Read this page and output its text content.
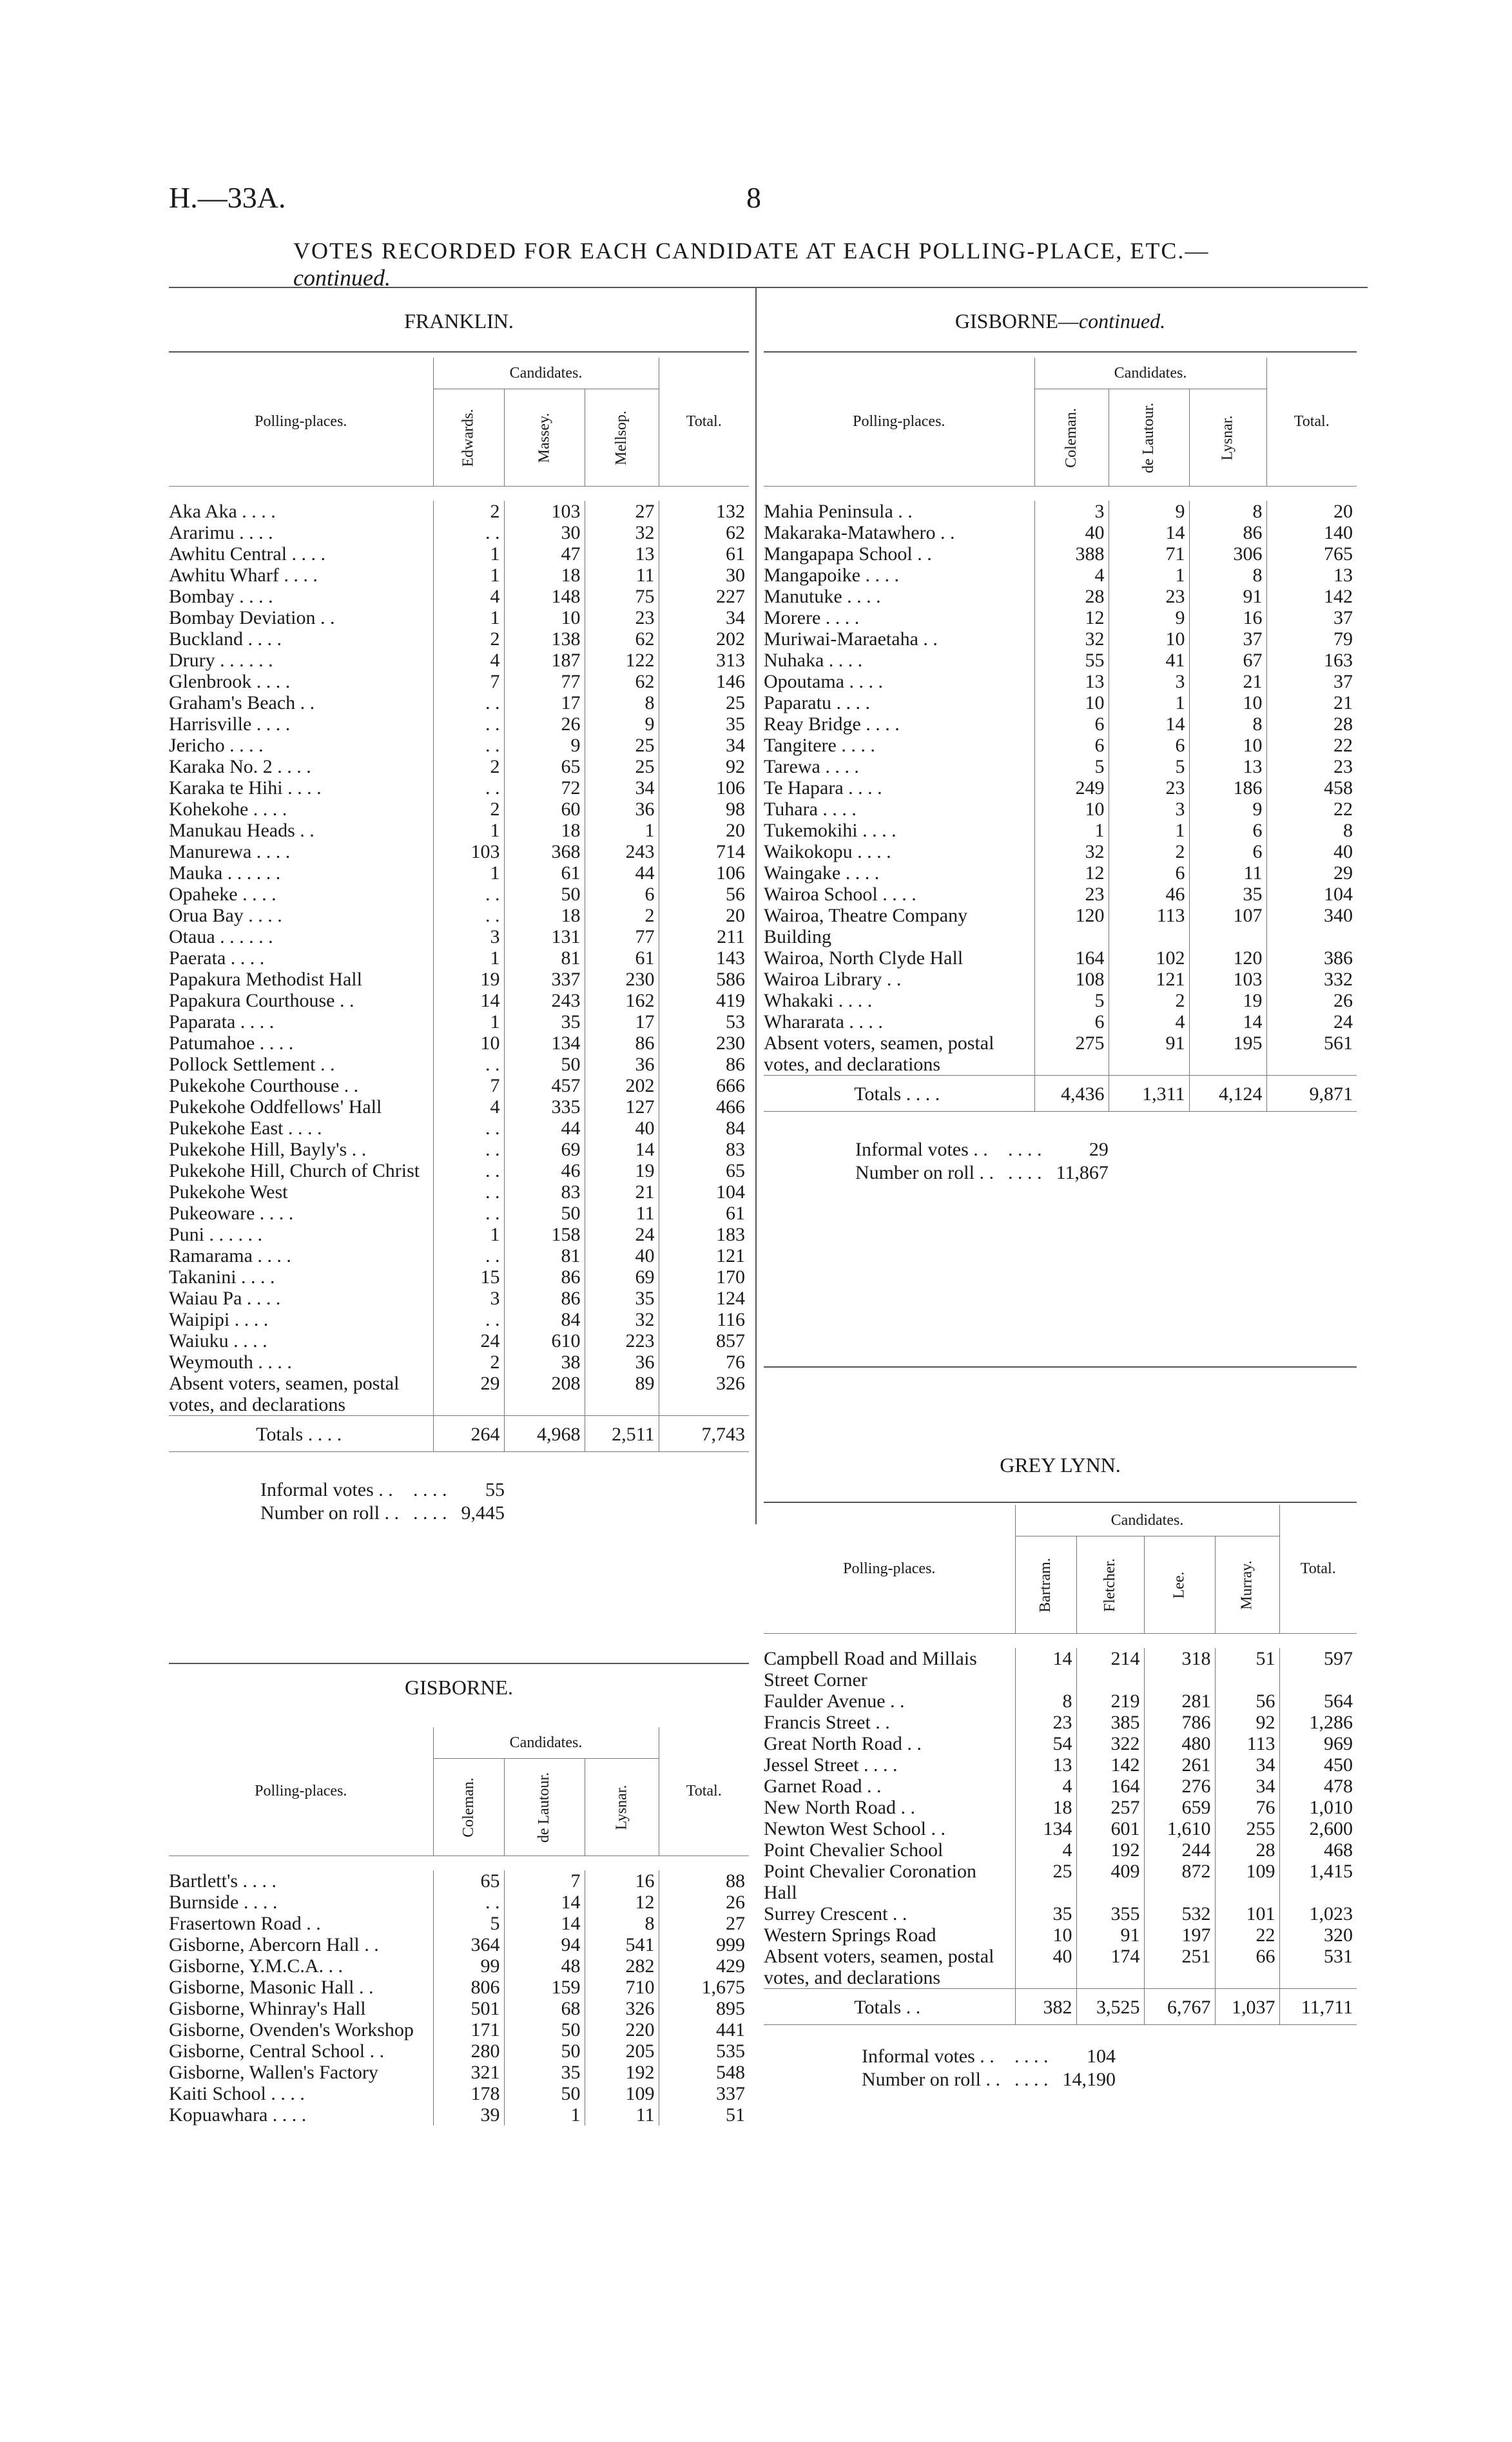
H.—33A.	8
VOTES RECORDED FOR EACH CANDIDATE AT EACH POLLING-PLACE, ETC.—continued.
FRANKLIN.
Polling-places.	Candidates.			Total.
	Edwards.	Massey.	Mellsop.	

Aka Aka . . . .	2	103	27	132
Ararimu . . . .	. .	30	32	62
Awhitu Central . . . .	1	47	13	61
Awhitu Wharf . . . .	1	18	11	30
Bombay . . . .	4	148	75	227
Bombay Deviation . .	1	10	23	34
Buckland . . . .	2	138	62	202
Drury . . . . . .	4	187	122	313
Glenbrook . . . .	7	77	62	146
Graham's Beach . .	. .	17	8	25
Harrisville . . . .	. .	26	9	35
Jericho . . . .	. .	9	25	34
Karaka No. 2 . . . .	2	65	25	92
Karaka te Hihi . . . .	. .	72	34	106
Kohekohe . . . .	2	60	36	98
Manukau Heads . .	1	18	1	20
Manurewa . . . .	103	368	243	714
Mauka . . . . . .	1	61	44	106
Opaheke . . . .	. .	50	6	56
Orua Bay . . . .	. .	18	2	20
Otaua . . . . . .	3	131	77	211
Paerata . . . .	1	81	61	143
Papakura Methodist Hall	19	337	230	586
Papakura Courthouse . .	14	243	162	419
Paparata . . . .	1	35	17	53
Patumahoe . . . .	10	134	86	230
Pollock Settlement . .	. .	50	36	86
Pukekohe Courthouse . .	7	457	202	666
Pukekohe Oddfellows' Hall	4	335	127	466
Pukekohe East . . . .	. .	44	40	84
Pukekohe Hill, Bayly's . .	. .	69	14	83
Pukekohe Hill, Church of Christ	. .	46	19	65
Pukekohe West	. .	83	21	104
Pukeoware . . . .	. .	50	11	61
Puni . . . . . .	1	158	24	183
Ramarama . . . .	. .	81	40	121
Takanini . . . .	15	86	69	170
Waiau Pa . . . .	3	86	35	124
Waipipi . . . .	. .	84	32	116
Waiuku . . . .	24	610	223	857
Weymouth . . . .	2	38	36	76
Absent voters, seamen, postal votes, and declarations	29	208	89	326
Totals . . . .	264	4,968	2,511	7,743
Informal votes . .	. . . .	55
Number on roll . .	. . . .	9,445
GISBORNE.
Polling-places.	Candidates.			Total.
	Coleman.	de Lautour.	Lysnar.	

Bartlett's . . . .	65	7	16	88
Burnside . . . .	. .	14	12	26
Frasertown Road . .	5	14	8	27
Gisborne, Abercorn Hall . .	364	94	541	999
Gisborne, Y.M.C.A. . .	99	48	282	429
Gisborne, Masonic Hall . .	806	159	710	1,675
Gisborne, Whinray's Hall	501	68	326	895
Gisborne, Ovenden's Workshop	171	50	220	441
Gisborne, Central School . .	280	50	205	535
Gisborne, Wallen's Factory	321	35	192	548
Kaiti School . . . .	178	50	109	337
Kopuawhara . . . .	39	1	11	51
GISBORNE—continued.
Polling-places.	Candidates.			Total.
	Coleman.	de Lautour.	Lysnar.	

Mahia Peninsula . .	3	9	8	20
Makaraka-Matawhero . .	40	14	86	140
Mangapapa School . .	388	71	306	765
Mangapoike . . . .	4	1	8	13
Manutuke . . . .	28	23	91	142
Morere . . . .	12	9	16	37
Muriwai-Maraetaha . .	32	10	37	79
Nuhaka . . . .	55	41	67	163
Opoutama . . . .	13	3	21	37
Paparatu . . . .	10	1	10	21
Reay Bridge . . . .	6	14	8	28
Tangitere . . . .	6	6	10	22
Tarewa . . . .	5	5	13	23
Te Hapara . . . .	249	23	186	458
Tuhara . . . .	10	3	9	22
Tukemokihi . . . .	1	1	6	8
Waikokopu . . . .	32	2	6	40
Waingake . . . .	12	6	11	29
Wairoa School . . . .	23	46	35	104
Wairoa, Theatre Company Building	120	113	107	340
Wairoa, North Clyde Hall	164	102	120	386
Wairoa Library . .	108	121	103	332
Whakaki . . . .	5	2	19	26
Whararata . . . .	6	4	14	24
Absent voters, seamen, postal votes, and declarations	275	91	195	561
Totals . . . .	4,436	1,311	4,124	9,871
Informal votes . .	. . . .	29
Number on roll . .	. . . .	11,867
GREY LYNN.
Polling-places.	Candidates.				Total.
	Bartram.	Fletcher.	Lee.	Murray.	

Campbell Road and Millais Street Corner	14	214	318	51	597
Faulder Avenue . .	8	219	281	56	564
Francis Street . .	23	385	786	92	1,286
Great North Road . .	54	322	480	113	969
Jessel Street . . . .	13	142	261	34	450
Garnet Road . .	4	164	276	34	478
New North Road . .	18	257	659	76	1,010
Newton West School . .	134	601	1,610	255	2,600
Point Chevalier School	4	192	244	28	468
Point Chevalier Coronation Hall	25	409	872	109	1,415
Surrey Crescent . .	35	355	532	101	1,023
Western Springs Road	10	91	197	22	320
Absent voters, seamen, postal votes, and declarations	40	174	251	66	531
Totals . .	382	3,525	6,767	1,037	11,711
Informal votes . .	. . . .	104
Number on roll . .	. . . .	14,190
